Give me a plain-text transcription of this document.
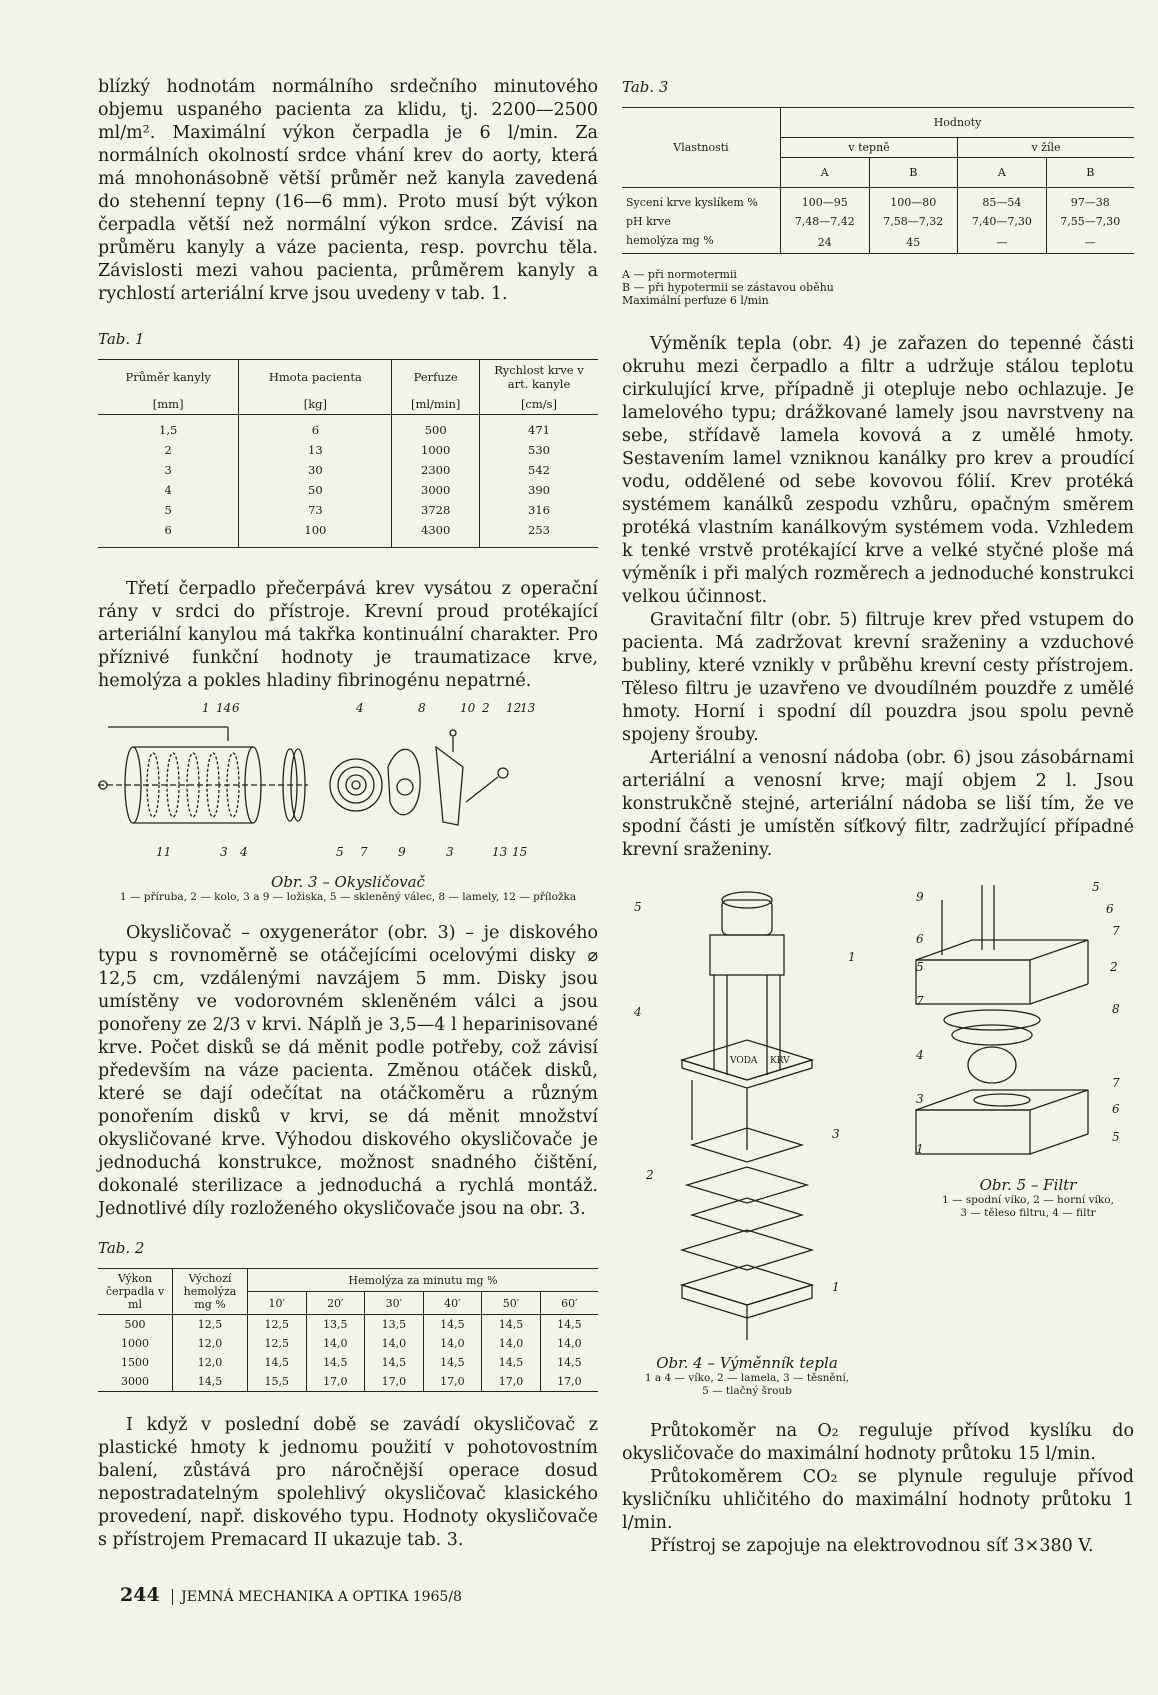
blízký hodnotám normálního srdečního minutového objemu uspaného pacienta za klidu, tj. 2200—2500 ml/m². Maximální výkon čerpadla je 6 l/min. Za normálních okolností srdce vhání krev do aorty, která má mnohonásobně větší průměr než kanyla zavedená do stehenní tepny (16—6 mm). Proto musí být výkon čerpadla větší než normální výkon srdce. Závisí na průměru kanyly a váze pacienta, resp. povrchu těla. Závislosti mezi vahou pacienta, průměrem kanyly a rychlostí arteriální krve jsou uvedeny v tab. 1.

Tab. 1

Průměr kanyly	Hmota pacienta	Perfuze	Rychlost krve v art. kanyle
[mm]	[kg]	[ml/min]	[cm/s]
1,5	6	500	471
2	13	1000	530
3	30	2300	542
4	50	3000	390
5	73	3728	316
6	100	4300	253

Třetí čerpadlo přečerpává krev vysátou z operační rány v srdci do přístroje. Krevní proud protékající arteriální kanylou má takřka kontinuální charakter. Pro příznivé funkční hodnoty je traumatizace krve, hemolýza a pokles hladiny fibrinogénu nepatrné.

1 14 6	4	8	10 2 12
13
11	3 4	5 7	9	3	13 15
Obr. 3 – Okysličovač
1 — příruba, 2 — kolo, 3 a 9 — ložiska, 5 — skleněný válec, 8 — lamely, 12 — příložka

Okysličovač – oxygenerátor (obr. 3) – je diskového typu s rovnoměrně se otáčejícími ocelovými disky ⌀ 12,5 cm, vzdálenými navzájem 5 mm. Disky jsou umístěny ve vodorovném skleněném válci a jsou ponořeny ze 2/3 v krvi. Náplň je 3,5—4 l heparinisované krve. Počet disků se dá měnit podle potřeby, což závisí především na váze pacienta. Změnou otáček disků, které se dají odečítat na otáčkoměru a různým ponořením disků v krvi, se dá měnit množství okysličované krve. Výhodou diskového okysličovače je jednoduchá konstrukce, možnost snadného čištění, dokonalé sterilizace a jednoduchá a rychlá montáž. Jednotlivé díly rozloženého okysličovače jsou na obr. 3.

Tab. 2

Výkon čerpadla v ml	Výchozí hemolýza mg %	Hemolýza za minutu mg %					
		10′	20′	30′	40′	50′	60′
500	12,5	12,5	13,5	13,5	14,5	14,5	14,5
1000	12,0	12,5	14,0	14,0	14,0	14,0	14,0
1500	12,0	14,5	14,5	14,5	14,5	14,5	14,5
3000	14,5	15,5	17,0	17,0	17,0	17,0	17,0

I když v poslední době se zavádí okysličovač z plastické hmoty k jednomu použití v pohotovostním balení, zůstává pro náročnější operace dosud nepostradatelným spolehlivý okysličovač klasického provedení, např. diskového typu. Hodnoty okysličovače s přístrojem Premacard II ukazuje tab. 3.

Tab. 3

Vlastnosti	Hodnoty			
	v tepně		v žíle	
	A	B	A	B
Sycení krve kyslíkem %	100—95	100—80	85—54	97—38
pH krve	7,48—7,42	7,58—7,32	7,40—7,30	7,55—7,30
hemolýza mg %	24	45	—	—
A — při normotermii
B — při hypotermii se zástavou oběhu
Maximální perfuze 6 l/min

Výměník tepla (obr. 4) je zařazen do tepenné části okruhu mezi čerpadlo a filtr a udržuje stálou teplotu cirkulující krve, případně ji otepluje nebo ochlazuje. Je lamelového typu; drážkované lamely jsou navrstveny na sebe, střídavě lamela kovová a z umělé hmoty. Sestavením lamel vzniknou kanálky pro krev a proudící vodu, oddělené od sebe kovovou fólií. Krev protéká systémem kanálků zespodu vzhůru, opačným směrem protéká vlastním kanálkovým systémem voda. Vzhledem k tenké vrstvě protékající krve a velké styčné ploše má výměník i při malých rozměrech a jednoduché konstrukci velkou účinnost.

Gravitační filtr (obr. 5) filtruje krev před vstupem do pacienta. Má zadržovat krevní sraženiny a vzduchové bubliny, které vznikly v průběhu krevní cesty přístrojem. Těleso filtru je uzavřeno ve dvoudílném pouzdře z umělé hmoty. Horní i spodní díl pouzdra jsou spolu pevně spojeny šrouby.

Arteriální a venosní nádoba (obr. 6) jsou zásobárnami arteriální a venosní krve; mají objem 2 l. Jsou konstrukčně stejné, arteriální nádoba se liší tím, že ve spodní části je umístěn síťkový filtr, zadržující případné krevní sraženiny.

5
1
4
3
2
1
VODA KRV
5
9
6
6
7
5	2
7
8
4
3
7
6
5
1
Obr. 5 – Filtr
1 — spodní víko, 2 — horní víko,
3 — těleso filtru, 4 — filtr
Obr. 4 – Výměnník tepla
1 a 4 — víko, 2 — lamela, 3 — těsnění,
5 — tlačný šroub

Průtokoměr na O₂ reguluje přívod kyslíku do okysličovače do maximální hodnoty průtoku 15 l/min.

Průtokoměrem CO₂ se plynule reguluje přívod kysličníku uhličitého do maximální hodnoty průtoku 1 l/min.

Přístroj se zapojuje na elektrovodnou síť 3×380 V.

244 JEMNÁ MECHANIKA A OPTIKA 1965/8
